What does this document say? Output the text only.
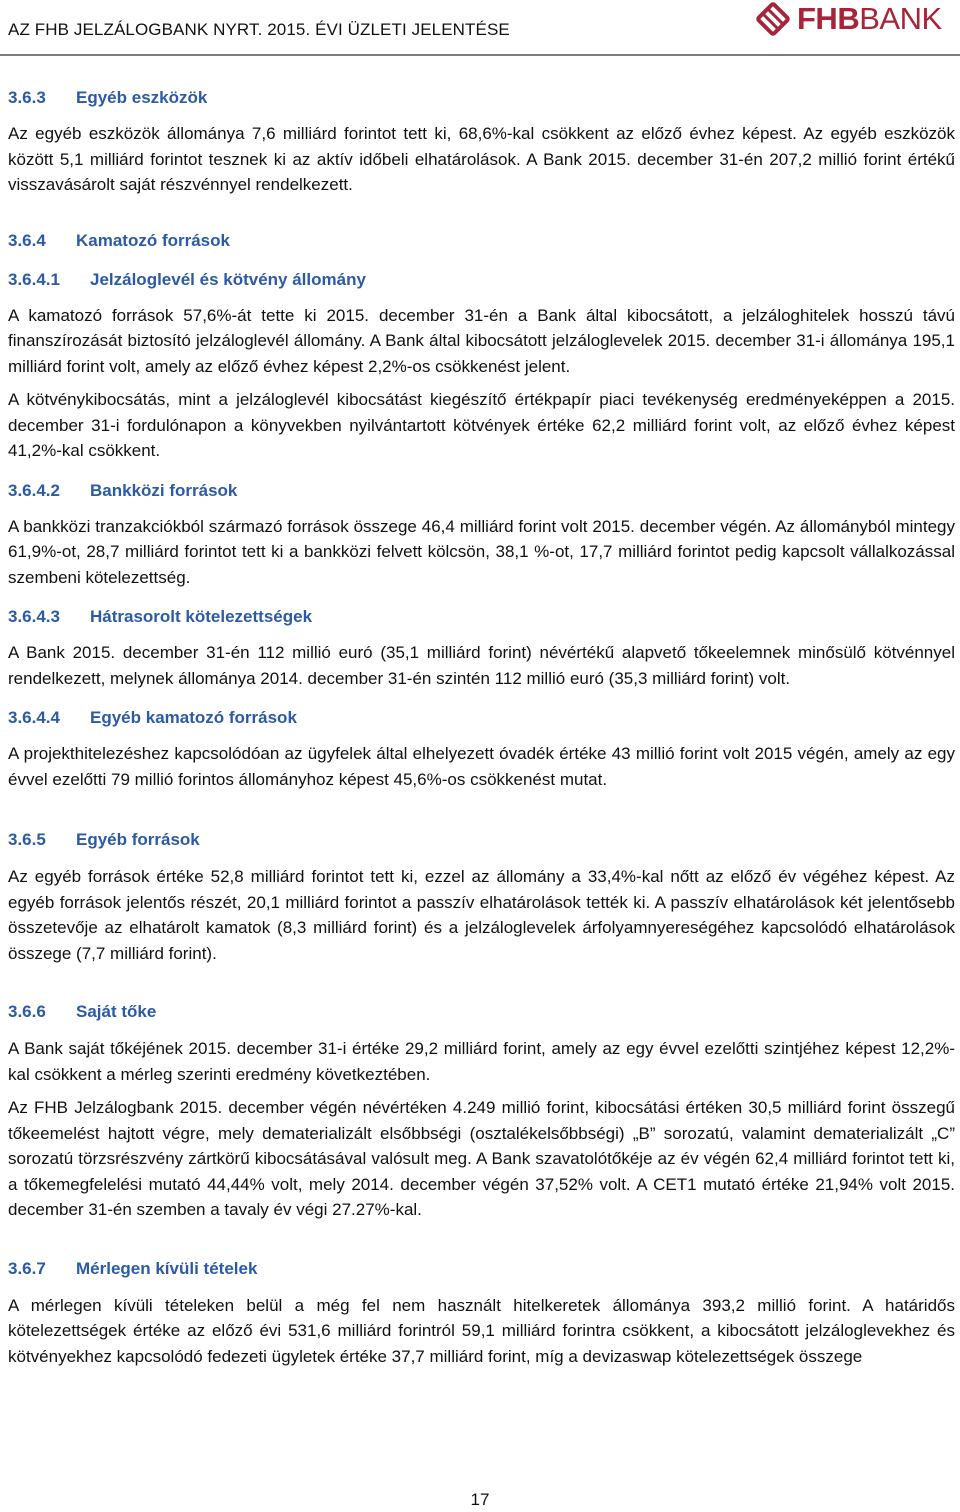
AZ FHB JELZÁLOGBANK NYRT. 2015. ÉVI ÜZLETI JELENTÉSE	FHBBANK
3.6.3	Egyéb eszközök

Az egyéb eszközök állománya 7,6 milliárd forintot tett ki, 68,6%-kal csökkent az előző évhez képest. Az egyéb eszközök között 5,1 milliárd forintot tesznek ki az aktív időbeli elhatárolások. A Bank 2015. december 31-én 207,2 millió forint értékű visszavásárolt saját részvénnyel rendelkezett.

3.6.4	Kamatozó források
3.6.4.1	Jelzáloglevél és kötvény állomány

A kamatozó források 57,6%-át tette ki 2015. december 31-én a Bank által kibocsátott, a jelzáloghitelek hosszú távú finanszírozását biztosító jelzáloglevél állomány. A Bank által kibocsátott jelzáloglevelek 2015. december 31-i állománya 195,1 milliárd forint volt, amely az előző évhez képest 2,2%-os csökkenést jelent.

A kötvénykibocsátás, mint a jelzáloglevél kibocsátást kiegészítő értékpapír piaci tevékenység eredményeképpen a 2015. december 31-i fordulónapon a könyvekben nyilvántartott kötvények értéke 62,2 milliárd forint volt, az előző évhez képest 41,2%-kal csökkent.

3.6.4.2	Bankközi források

A bankközi tranzakciókból származó források összege 46,4 milliárd forint volt 2015. december végén. Az állományból mintegy 61,9%-ot, 28,7 milliárd forintot tett ki a bankközi felvett kölcsön, 38,1 %-ot, 17,7 milliárd forintot pedig kapcsolt vállalkozással szembeni kötelezettség.

3.6.4.3	Hátrasorolt kötelezettségek

A Bank 2015. december 31-én 112 millió euró (35,1 milliárd forint) névértékű alapvető tőkeelemnek minősülő kötvénnyel rendelkezett, melynek állománya 2014. december 31-én szintén 112 millió euró (35,3 milliárd forint) volt.

3.6.4.4	Egyéb kamatozó források

A projekthitelezéshez kapcsolódóan az ügyfelek által elhelyezett óvadék értéke 43 millió forint volt 2015 végén, amely az egy évvel ezelőtti 79 millió forintos állományhoz képest 45,6%-os csökkenést mutat.

3.6.5	Egyéb források

Az egyéb források értéke 52,8 milliárd forintot tett ki, ezzel az állomány a 33,4%-kal nőtt az előző év végéhez képest. Az egyéb források jelentős részét, 20,1 milliárd forintot a passzív elhatárolások tették ki. A passzív elhatárolások két jelentősebb összetevője az elhatárolt kamatok (8,3 milliárd forint) és a jelzáloglevelek árfolyamnyereségéhez kapcsolódó elhatárolások összege (7,7 milliárd forint).

3.6.6	Saját tőke

A Bank saját tőkéjének 2015. december 31-i értéke 29,2 milliárd forint, amely az egy évvel ezelőtti szintjéhez képest 12,2%-kal csökkent a mérleg szerinti eredmény következtében.

Az FHB Jelzálogbank 2015. december végén névértéken 4.249 millió forint, kibocsátási értéken 30,5 milliárd forint összegű tőkeemelést hajtott végre, mely dematerializált elsőbbségi (osztalékelsőbbségi) „B” sorozatú, valamint dematerializált „C” sorozatú törzsrészvény zártkörű kibocsátásával valósult meg. A Bank szavatolótőkéje az év végén 62,4 milliárd forintot tett ki, a tőkemegfelelési mutató 44,44% volt, mely 2014. december végén 37,52% volt. A CET1 mutató értéke 21,94% volt 2015. december 31-én szemben a tavaly év végi 27.27%-kal.

3.6.7	Mérlegen kívüli tételek

A mérlegen kívüli tételeken belül a még fel nem használt hitelkeretek állománya 393,2 millió forint. A határidős kötelezettségek értéke az előző évi 531,6 milliárd forintról 59,1 milliárd forintra csökkent, a kibocsátott jelzáloglevekhez és kötvényekhez kapcsolódó fedezeti ügyletek értéke 37,7 milliárd forint, míg a devizaswap kötelezettségek összege

17
